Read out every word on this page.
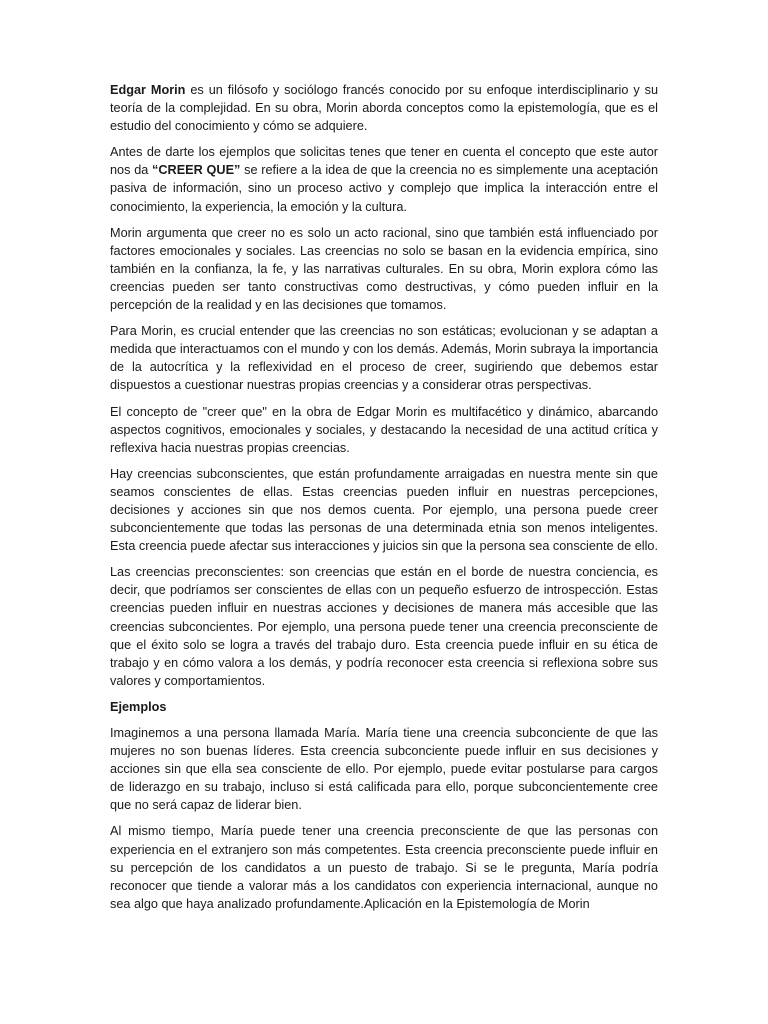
Edgar Morin es un filósofo y sociólogo francés conocido por su enfoque interdisciplinario y su teoría de la complejidad. En su obra, Morin aborda conceptos como la epistemología, que es el estudio del conocimiento y cómo se adquiere.

Antes de darte los ejemplos que solicitas tenes que tener en cuenta el concepto que este autor nos da “CREER QUE” se refiere a la idea de que la creencia no es simplemente una aceptación pasiva de información, sino un proceso activo y complejo que implica la interacción entre el conocimiento, la experiencia, la emoción y la cultura.

Morin argumenta que creer no es solo un acto racional, sino que también está influenciado por factores emocionales y sociales. Las creencias no solo se basan en la evidencia empírica, sino también en la confianza, la fe, y las narrativas culturales. En su obra, Morin explora cómo las creencias pueden ser tanto constructivas como destructivas, y cómo pueden influir en la percepción de la realidad y en las decisiones que tomamos.

Para Morin, es crucial entender que las creencias no son estáticas; evolucionan y se adaptan a medida que interactuamos con el mundo y con los demás. Además, Morin subraya la importancia de la autocrítica y la reflexividad en el proceso de creer, sugiriendo que debemos estar dispuestos a cuestionar nuestras propias creencias y a considerar otras perspectivas.

El concepto de "creer que" en la obra de Edgar Morin es multifacético y dinámico, abarcando aspectos cognitivos, emocionales y sociales, y destacando la necesidad de una actitud crítica y reflexiva hacia nuestras propias creencias.

Hay creencias subconscientes, que están profundamente arraigadas en nuestra mente sin que seamos conscientes de ellas. Estas creencias pueden influir en nuestras percepciones, decisiones y acciones sin que nos demos cuenta. Por ejemplo, una persona puede creer subconcientemente que todas las personas de una determinada etnia son menos inteligentes. Esta creencia puede afectar sus interacciones y juicios sin que la persona sea consciente de ello.

Las creencias preconscientes: son creencias que están en el borde de nuestra conciencia, es decir, que podríamos ser conscientes de ellas con un pequeño esfuerzo de introspección. Estas creencias pueden influir en nuestras acciones y decisiones de manera más accesible que las creencias subconcientes. Por ejemplo, una persona puede tener una creencia preconsciente de que el éxito solo se logra a través del trabajo duro. Esta creencia puede influir en su ética de trabajo y en cómo valora a los demás, y podría reconocer esta creencia si reflexiona sobre sus valores y comportamientos.

Ejemplos

Imaginemos a una persona llamada María. María tiene una creencia subconciente de que las mujeres no son buenas líderes. Esta creencia subconciente puede influir en sus decisiones y acciones sin que ella sea consciente de ello. Por ejemplo, puede evitar postularse para cargos de liderazgo en su trabajo, incluso si está calificada para ello, porque subconcientemente cree que no será capaz de liderar bien.

Al mismo tiempo, María puede tener una creencia preconsciente de que las personas con experiencia en el extranjero son más competentes. Esta creencia preconsciente puede influir en su percepción de los candidatos a un puesto de trabajo. Si se le pregunta, María podría reconocer que tiende a valorar más a los candidatos con experiencia internacional, aunque no sea algo que haya analizado profundamente.Aplicación en la Epistemología de Morin
